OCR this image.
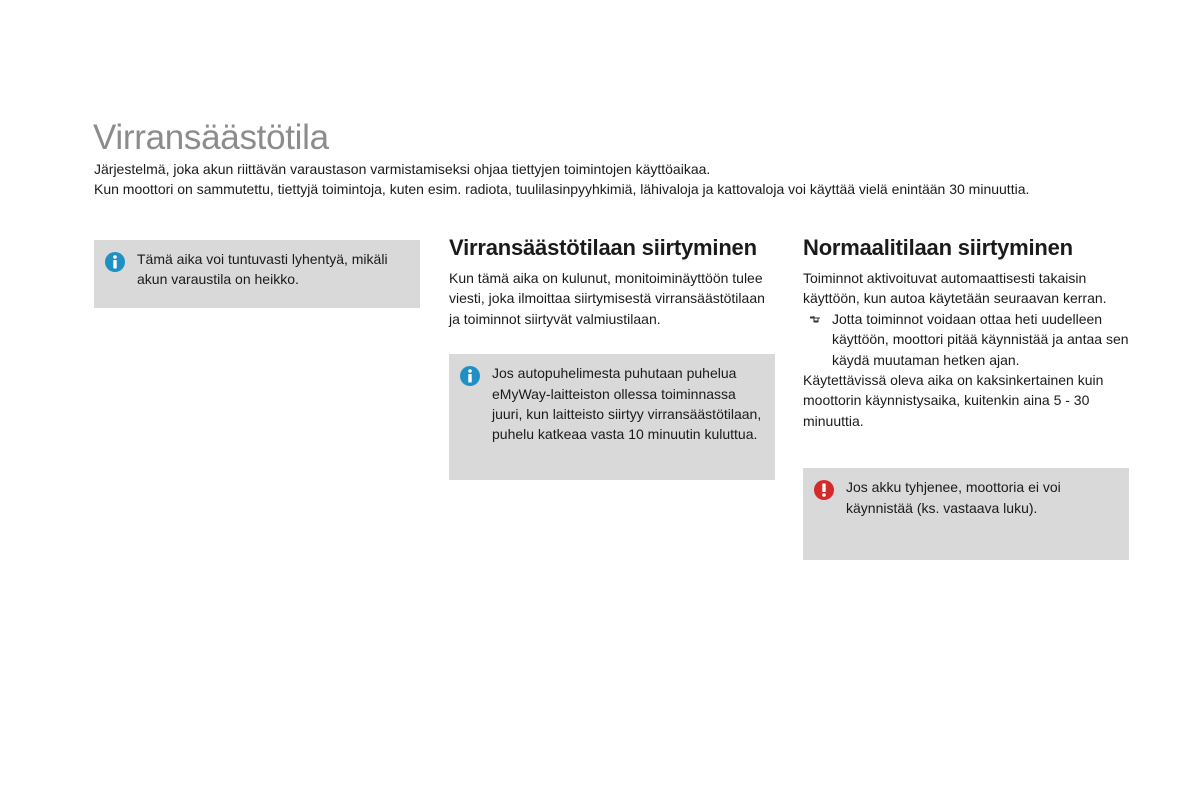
Virransäästötila

Järjestelmä, joka akun riittävän varaustason varmistamiseksi ohjaa tiettyjen toimintojen käyttöaikaa.

Kun moottori on sammutettu, tiettyjä toimintoja, kuten esim. radiota, tuulilasinpyyhkimiä, lähivaloja ja kattovaloja voi käyttää vielä enintään 30 minuuttia.

Tämä aika voi tuntuvasti lyhentyä, mikäli akun varaustila on heikko.
Virransäästötilaan siirtyminen

Kun tämä aika on kulunut, monitoiminäyttöön tulee viesti, joka ilmoittaa siirtymisestä virransäästötilaan ja toiminnot siirtyvät valmiustilaan.

Jos autopuhelimesta puhutaan puhelua eMyWay-laitteiston ollessa toiminnassa juuri, kun laitteisto siirtyy virransäästötilaan, puhelu katkeaa vasta 10 minuutin kuluttua.
Normaalitilaan siirtyminen

Toiminnot aktivoituvat automaattisesti takaisin käyttöön, kun autoa käytetään seuraavan kerran.

Jotta toiminnot voidaan ottaa heti uudelleen käyttöön, moottori pitää käynnistää ja antaa sen käydä muutaman hetken ajan.

Käytettävissä oleva aika on kaksinkertainen kuin moottorin käynnistysaika, kuitenkin aina 5 - 30 minuuttia.

Jos akku tyhjenee, moottoria ei voi käynnistää (ks. vastaava luku).
